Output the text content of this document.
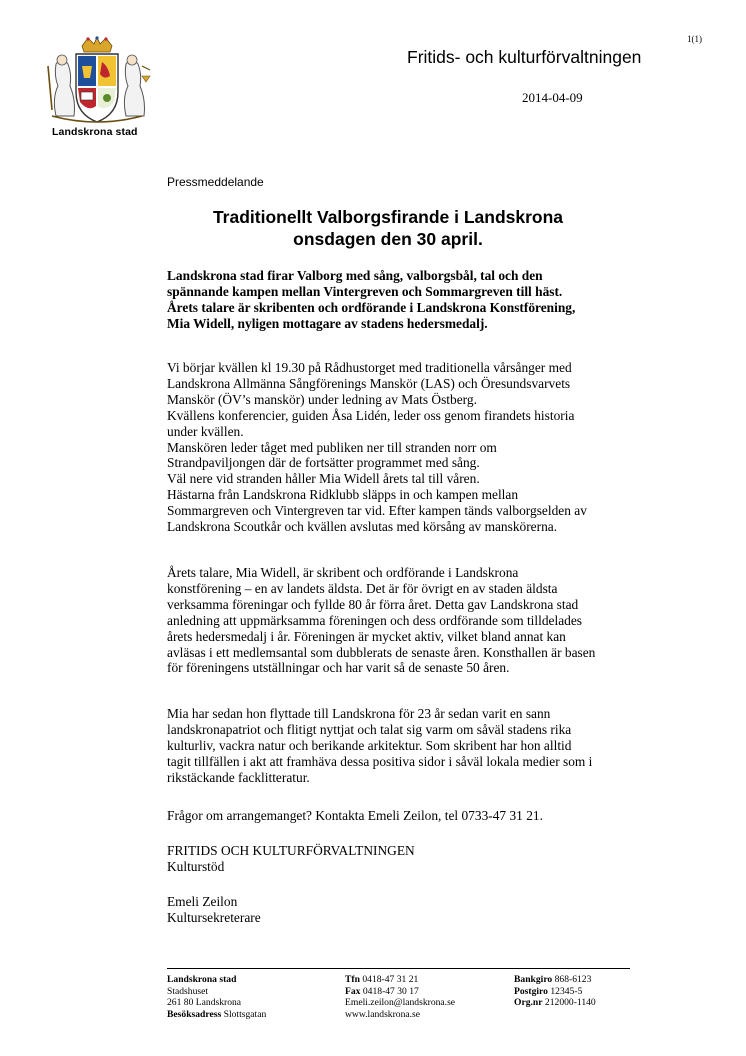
Landskrona stad
1(1)
Fritids- och kulturförvaltningen
2014-04-09
Pressmeddelande
Traditionellt Valborgsfirande i Landskrona
onsdagen den 30 april.
Landskrona stad firar Valborg med sång, valborgsbål, tal och den
spännande kampen mellan Vintergreven och Sommargreven till häst.
Årets talare är skribenten och ordförande i Landskrona Konstförening,
Mia Widell, nyligen mottagare av stadens hedersmedalj.
Vi börjar kvällen kl 19.30 på Rådhustorget med traditionella vårsånger med
Landskrona Allmänna Sångförenings Manskör (LAS) och Öresundsvarvets
Manskör (ÖV’s manskör) under ledning av Mats Östberg.
Kvällens konferencier, guiden Åsa Lidén, leder oss genom firandets historia
under kvällen.
Manskören leder tåget med publiken ner till stranden norr om
Strandpaviljongen där de fortsätter programmet med sång.
Väl nere vid stranden håller Mia Widell årets tal till våren.
Hästarna från Landskrona Ridklubb släpps in och kampen mellan
Sommargreven och Vintergreven tar vid. Efter kampen tänds valborgselden av
Landskrona Scoutkår och kvällen avslutas med körsång av manskörerna.
Årets talare, Mia Widell, är skribent och ordförande i Landskrona
konstförening – en av landets äldsta. Det är för övrigt en av staden äldsta
verksamma föreningar och fyllde 80 år förra året. Detta gav Landskrona stad
anledning att uppmärksamma föreningen och dess ordförande som tilldelades
årets hedersmedalj i år. Föreningen är mycket aktiv, vilket bland annat kan
avläsas i ett medlemsantal som dubblerats de senaste åren. Konsthallen är basen
för föreningens utställningar och har varit så de senaste 50 åren.
Mia har sedan hon flyttade till Landskrona för 23 år sedan varit en sann
landskronapatriot och flitigt nyttjat och talat sig varm om såväl stadens rika
kulturliv, vackra natur och berikande arkitektur. Som skribent har hon alltid
tagit tillfällen i akt att framhäva dessa positiva sidor i såväl lokala medier som i
rikstäckande facklitteratur.
Frågor om arrangemanget? Kontakta Emeli Zeilon, tel 0733-47 31 21.
FRITIDS OCH KULTURFÖRVALTNINGEN
Kulturstöd
Emeli Zeilon
Kultursekreterare
Landskrona stad
Stadshuset
261 80 Landskrona
Besöksadress Slottsgatan
Tfn 0418-47 31 21
Fax 0418-47 30 17
Emeli.zeilon@landskrona.se
www.landskrona.se
Bankgiro 868-6123
Postgiro 12345-5
Org.nr 212000-1140
